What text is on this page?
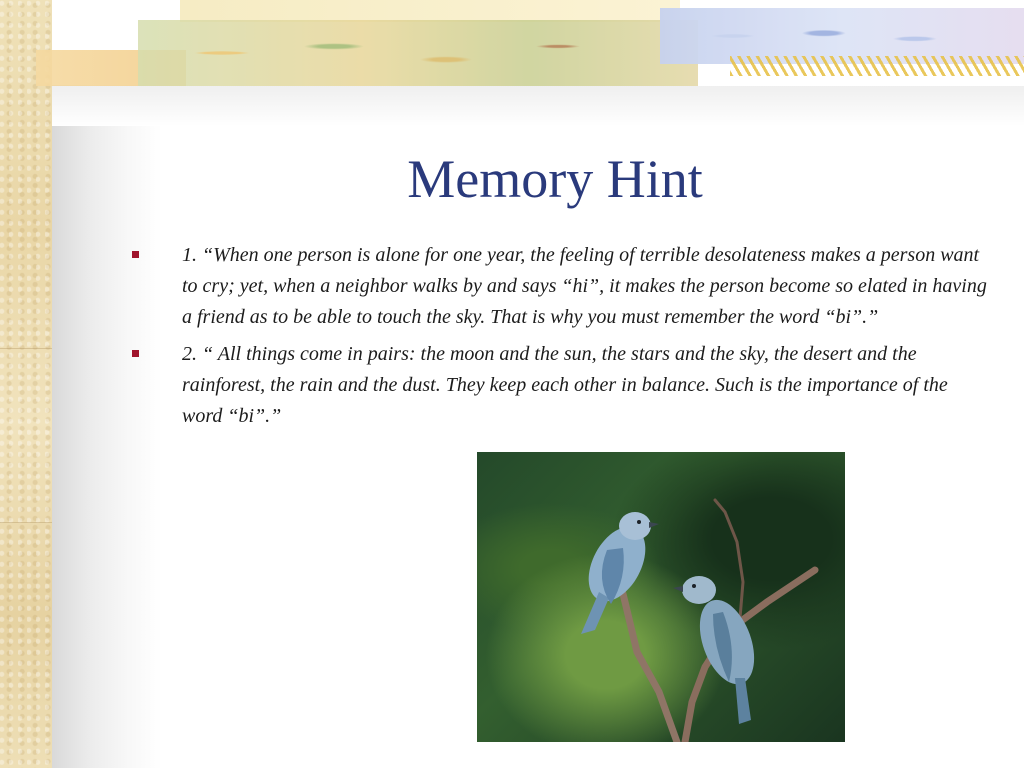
Memory Hint
1. “When one person is alone for one year, the feeling of terrible desolateness makes a person want to cry; yet, when a neighbor walks by and says “hi”, it makes the person become so elated in having a friend as to be able to touch the sky. That is why you must remember the word “bi”.”
2. “ All things come in pairs: the moon and the sun, the stars and the sky, the desert and the rainforest, the rain and the dust. They keep each other in balance. Such is the importance of the word “bi”.”
